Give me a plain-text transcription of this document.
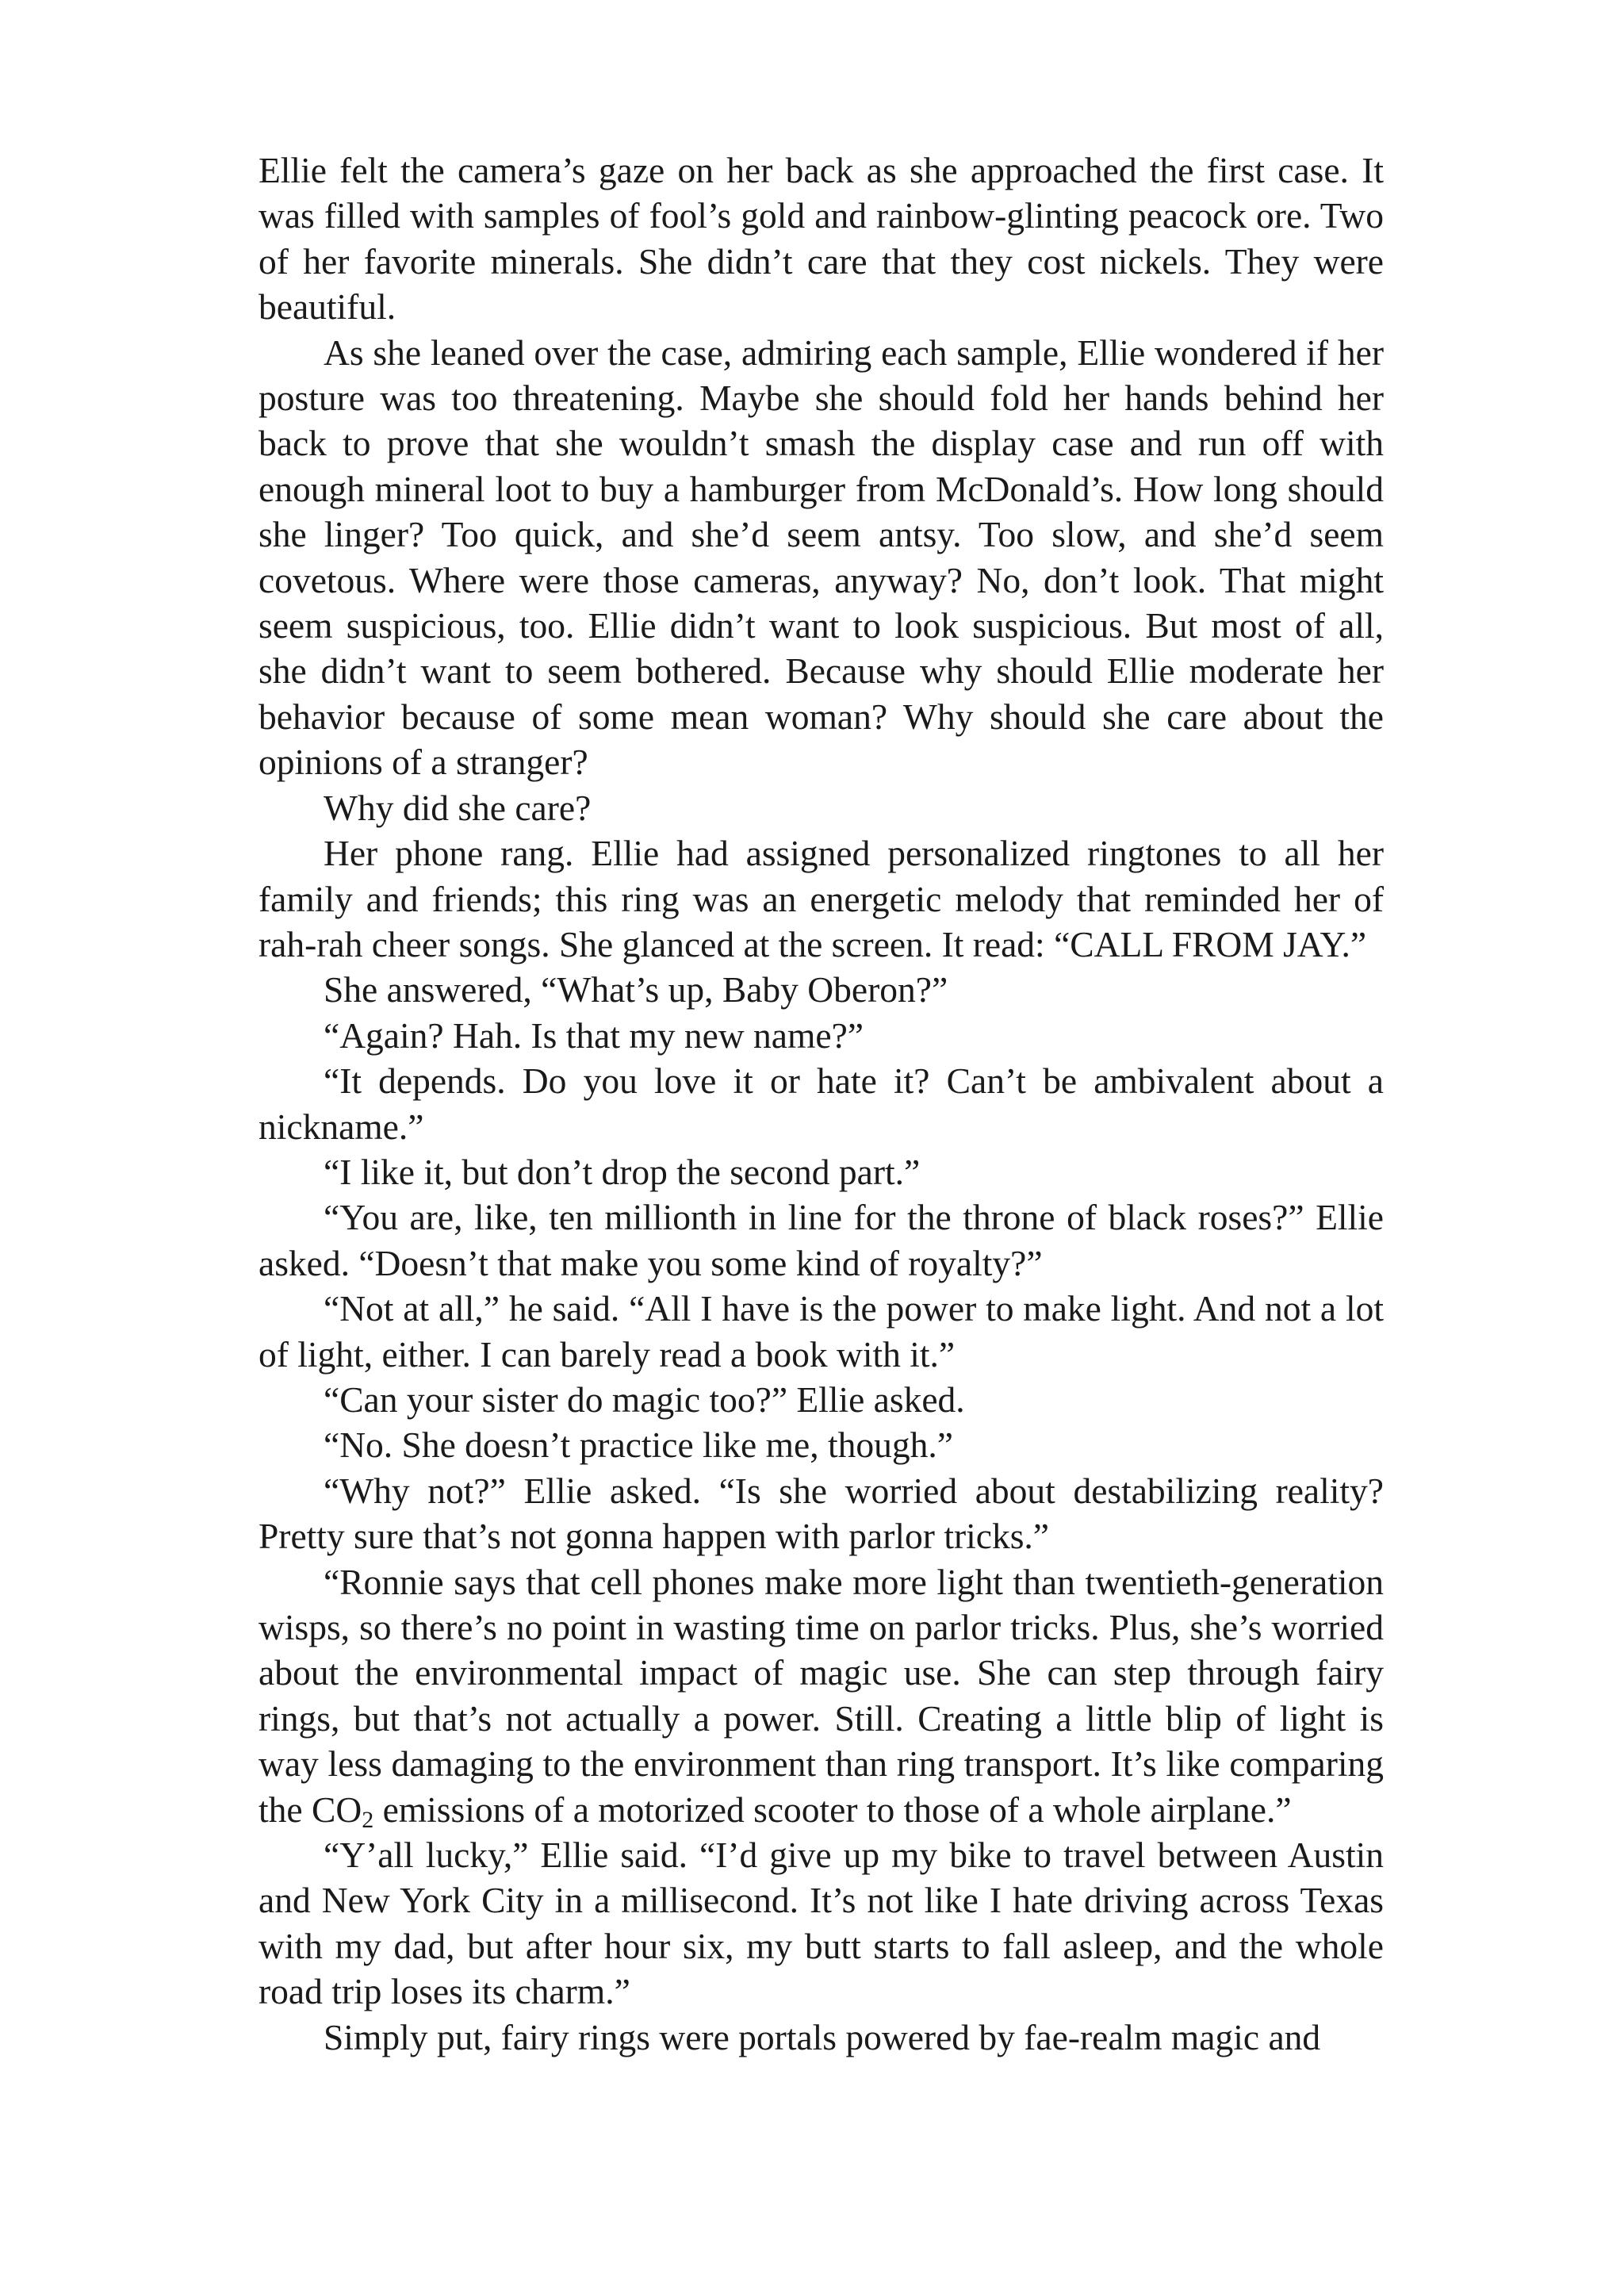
Ellie felt the camera’s gaze on her back as she approached the first case. It was filled with samples of fool’s gold and rainbow-glinting peacock ore. Two of her favorite minerals. She didn’t care that they cost nickels. They were beautiful.

As she leaned over the case, admiring each sample, Ellie wondered if her posture was too threatening. Maybe she should fold her hands behind her back to prove that she wouldn’t smash the display case and run off with enough mineral loot to buy a hamburger from McDonald’s. How long should she linger? Too quick, and she’d seem antsy. Too slow, and she’d seem covetous. Where were those cameras, anyway? No, don’t look. That might seem suspicious, too. Ellie didn’t want to look suspicious. But most of all, she didn’t want to seem bothered. Because why should Ellie moderate her behavior because of some mean woman? Why should she care about the opinions of a stranger?

Why did she care?

Her phone rang. Ellie had assigned personalized ringtones to all her family and friends; this ring was an energetic melody that reminded her of rah-rah cheer songs. She glanced at the screen. It read: “CALL FROM JAY.”

She answered, “What’s up, Baby Oberon?”

“Again? Hah. Is that my new name?”

“It depends. Do you love it or hate it? Can’t be ambivalent about a nickname.”

“I like it, but don’t drop the second part.”

“You are, like, ten millionth in line for the throne of black roses?” Ellie asked. “Doesn’t that make you some kind of royalty?”

“Not at all,” he said. “All I have is the power to make light. And not a lot of light, either. I can barely read a book with it.”

“Can your sister do magic too?” Ellie asked.

“No. She doesn’t practice like me, though.”

“Why not?” Ellie asked. “Is she worried about destabilizing reality? Pretty sure that’s not gonna happen with parlor tricks.”

“Ronnie says that cell phones make more light than twentieth-generation wisps, so there’s no point in wasting time on parlor tricks. Plus, she’s worried about the environmental impact of magic use. She can step through fairy rings, but that’s not actually a power. Still. Creating a little blip of light is way less damaging to the environment than ring transport. It’s like comparing the $CO_2$ emissions of a motorized scooter to those of a whole airplane.”

“Y’all lucky,” Ellie said. “I’d give up my bike to travel between Austin and New York City in a millisecond. It’s not like I hate driving across Texas with my dad, but after hour six, my butt starts to fall asleep, and the whole road trip loses its charm.”

Simply put, fairy rings were portals powered by fae-realm magic and
